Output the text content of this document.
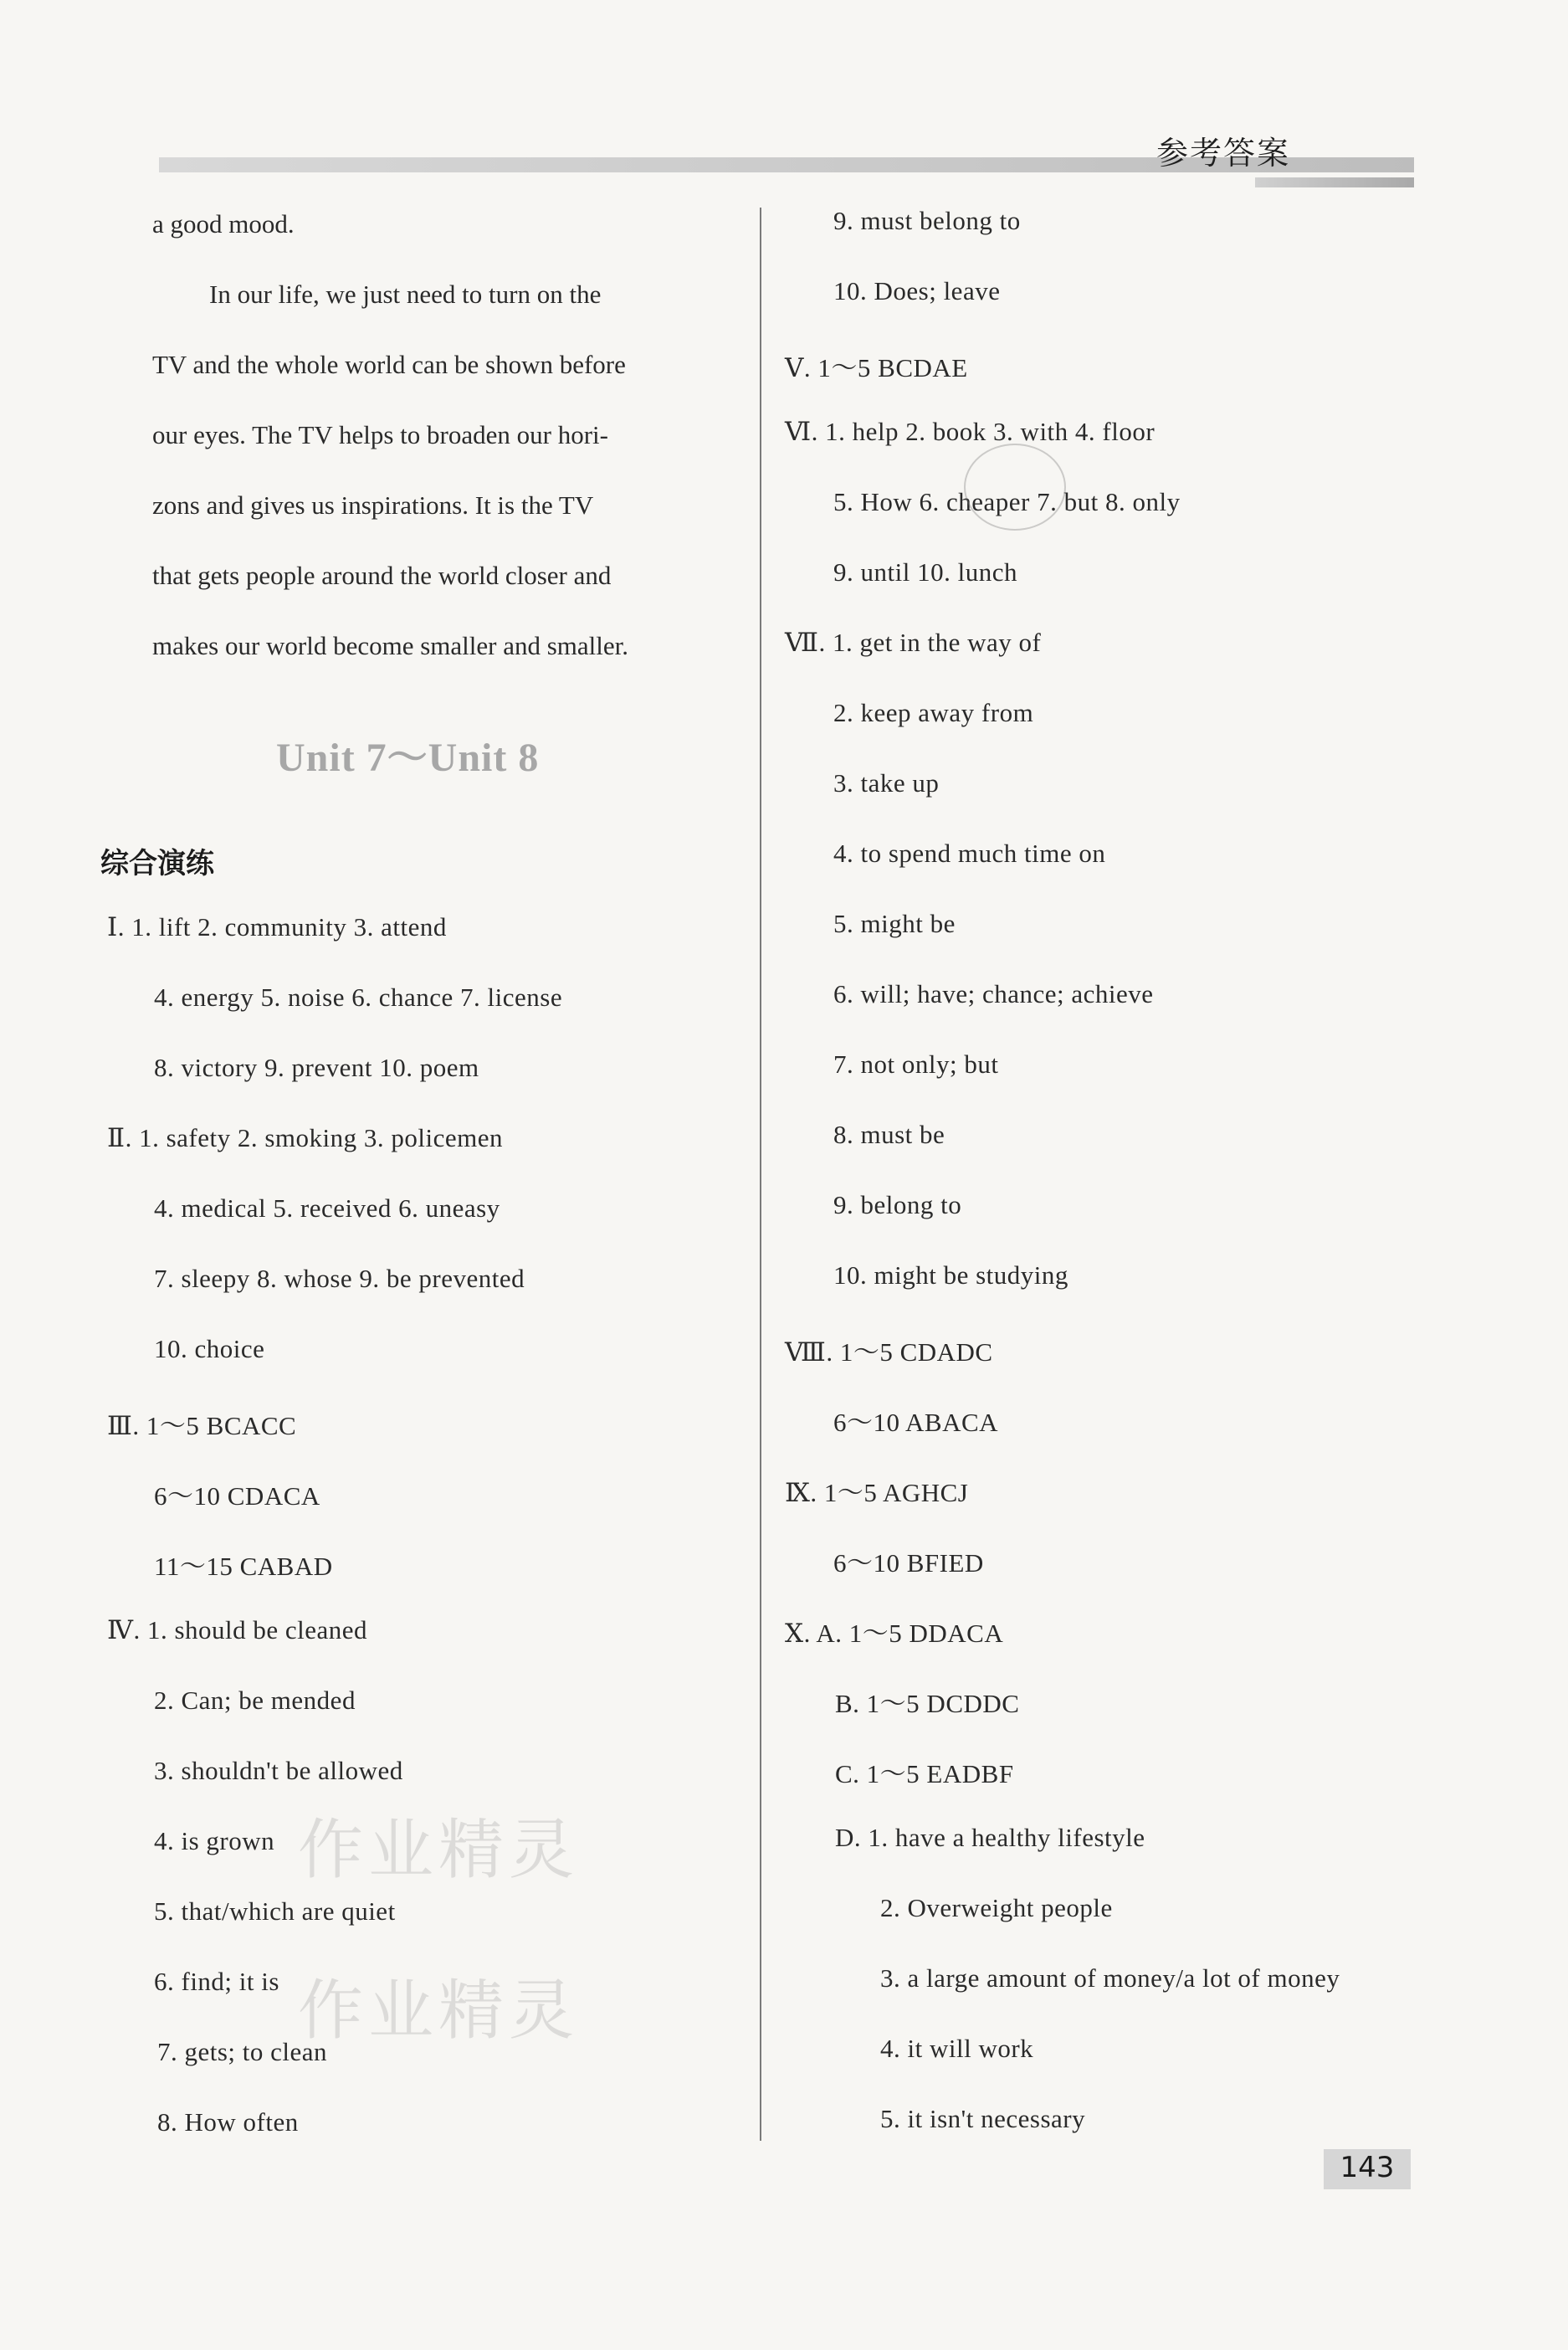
参考答案
a good mood.
In our life, we just need to turn on the
TV and the whole world can be shown before
our eyes. The TV helps to broaden our hori-
zons and gives us inspirations. It is the TV
that gets people around the world closer and
makes our world become smaller and smaller.
Unit 7～Unit 8
综合演练
Ⅰ. 1. lift 2. community 3. attend
4. energy 5. noise 6. chance 7. license
8. victory 9. prevent 10. poem
Ⅱ. 1. safety 2. smoking 3. policemen
4. medical 5. received 6. uneasy
7. sleepy 8. whose 9. be prevented
10. choice
Ⅲ. 1～5 BCACC
6～10 CDACA
11～15 CABAD
Ⅳ. 1. should be cleaned
2. Can; be mended
3. shouldn't be allowed
4. is grown
5. that/which are quiet
6. find; it is
7. gets; to clean
8. How often
9. must belong to
10. Does; leave
Ⅴ. 1～5 BCDAE
Ⅵ. 1. help 2. book 3. with 4. floor
5. How 6. cheaper 7. but 8. only
9. until 10. lunch
Ⅶ. 1. get in the way of
2. keep away from
3. take up
4. to spend much time on
5. might be
6. will; have; chance; achieve
7. not only; but
8. must be
9. belong to
10. might be studying
Ⅷ. 1～5 CDADC
6～10 ABACA
Ⅸ. 1～5 AGHCJ
6～10 BFIED
Ⅹ. A. 1～5 DDACA
B. 1～5 DCDDC
C. 1～5 EADBF
D. 1. have a healthy lifestyle
2. Overweight people
3. a large amount of money/a lot of money
4. it will work
5. it isn't necessary
作业精灵
作业精灵
143
